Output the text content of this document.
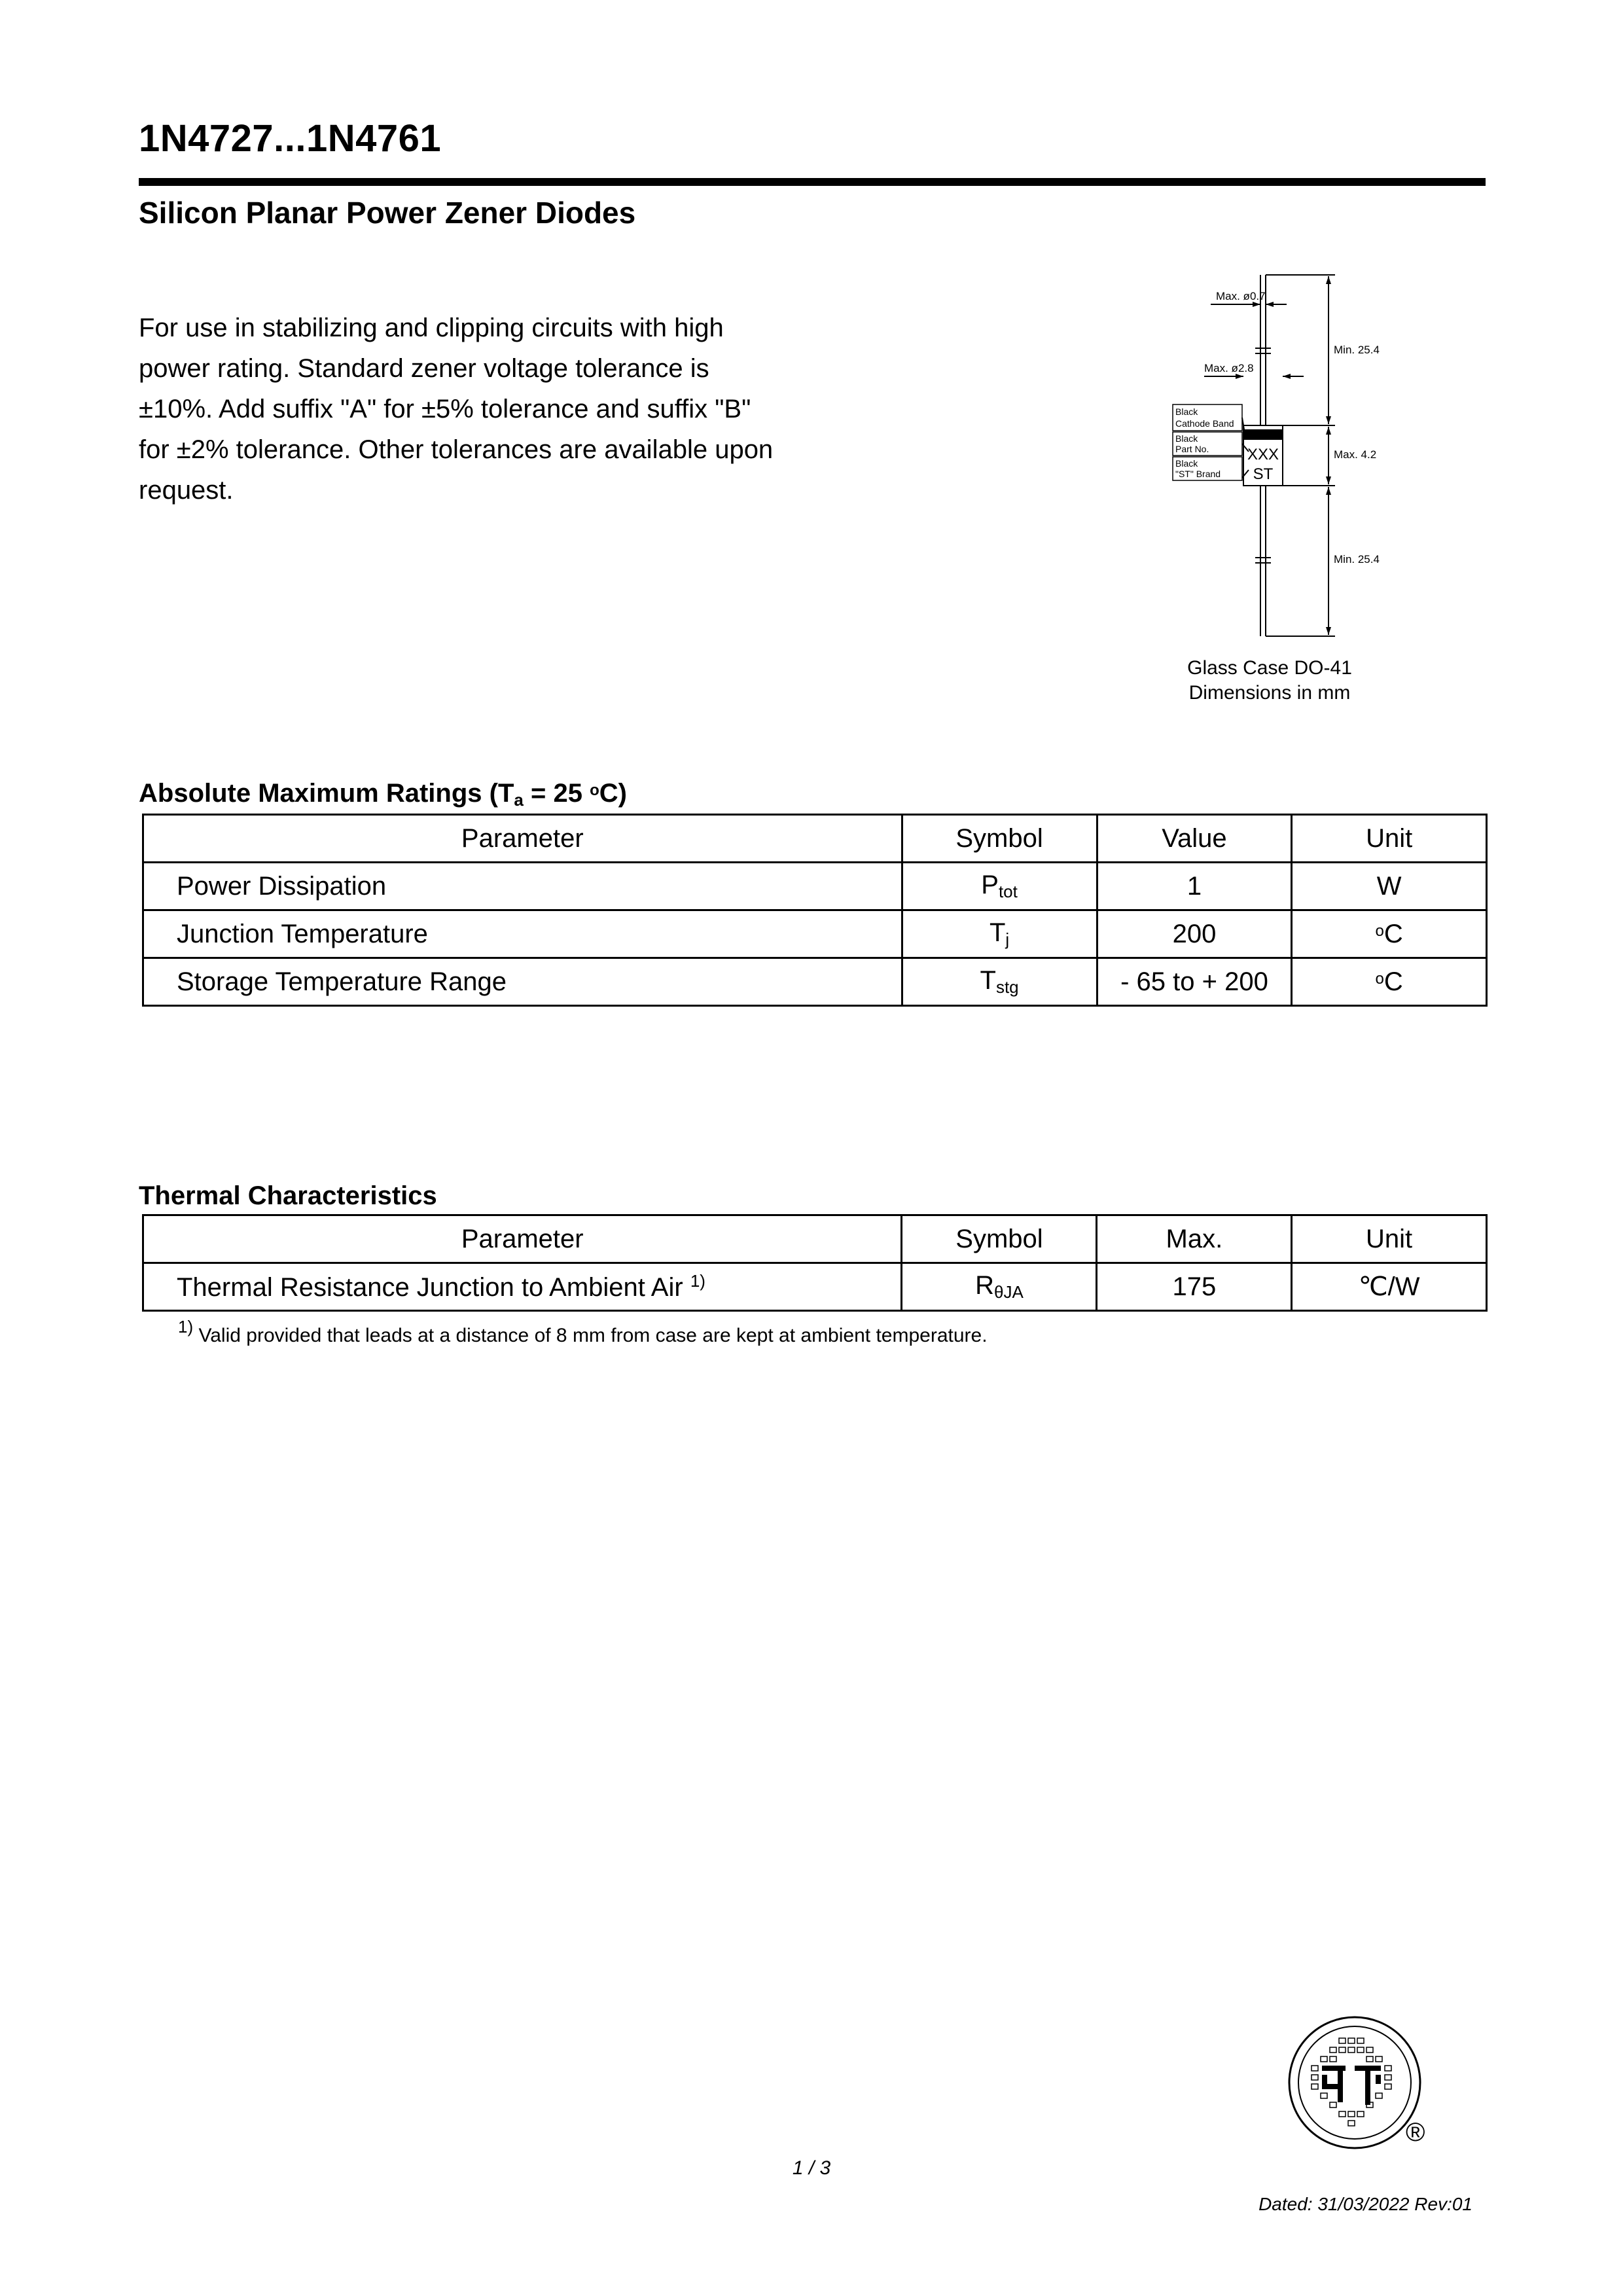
1N4727...1N4761
Silicon Planar Power Zener Diodes

For use in stabilizing and clipping circuits with high

power rating. Standard zener voltage tolerance is

±10%. Add suffix "A" for ±5% tolerance and suffix "B"

for ±2% tolerance. Other tolerances are available upon

request.

Max. ø0.7
Max. ø2.8
Min. 25.4
Max. 4.2
Min. 25.4
Black
Cathode Band
Black
Part No.
Black
"ST" Brand
XXX
ST
Glass Case DO-41
Dimensions in mm
Absolute Maximum Ratings ($T_a = 25$ $^o$C)
Parameter	Symbol	Value	Unit
Power Dissipation	$P_{tot}$	1	W
Junction Temperature	$T_j$	200	$^o$C
Storage Temperature Range	$T_{stg}$	- 65 to + 200	$^o$C
Thermal Characteristics
Parameter	Symbol	Max.	Unit
Thermal Resistance Junction to Ambient Air $^{1)}$	$R_{\theta JA}$	175	℃/W
$^{1)}$ Valid provided that leads at a distance of 8 mm from case are kept at ambient temperature.
®
1 / 3
Dated: 31/03/2022 Rev:01
